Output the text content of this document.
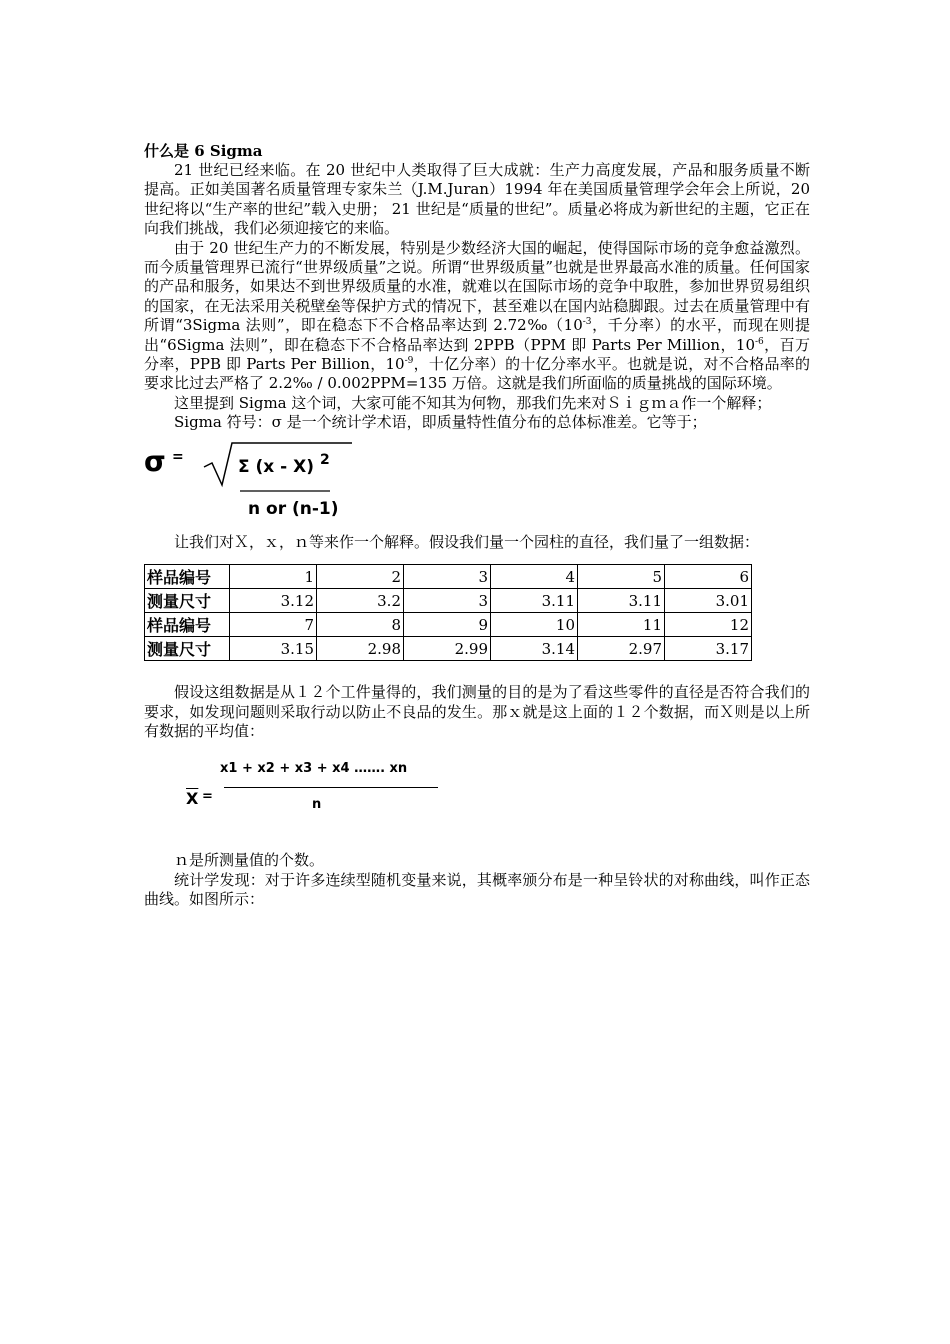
什么是 6 Sigma

21 世纪已经来临。在 20 世纪中人类取得了巨大成就：生产力高度发展，产品和服务质量不断提高。正如美国著名质量管理专家朱兰（J.M.Juran）1994 年在美国质量管理学会年会上所说，20 世纪将以“生产率的世纪”载入史册； 21 世纪是“质量的世纪”。质量必将成为新世纪的主题，它正在向我们挑战，我们必须迎接它的来临。

由于 20 世纪生产力的不断发展，特别是少数经济大国的崛起，使得国际市场的竞争愈益激烈。而今质量管理界已流行“世界级质量”之说。所谓“世界级质量”也就是世界最高水准的质量。任何国家的产品和服务，如果达不到世界级质量的水准，就难以在国际市场的竞争中取胜，参加世界贸易组织的国家，在无法采用关税壁垒等保护方式的情况下，甚至难以在国内站稳脚跟。过去在质量管理中有所谓“3Sigma 法则”，即在稳态下不合格品率达到 $2.72‰(10^{-3}$，千分率）的水平，而现在则提出“6Sigma 法则”，即在稳态下不合格品率达到 2PPB（PPM 即 Parts Per Million，$10^{-6}$，百万分率，PPB 即 Parts Per Billion，$10^{-9}$，十亿分率）的十亿分率水平。也就是说，对不合格品率的要求比过去严格了 2.2‰ / 0.002PPM=135 万倍。这就是我们所面临的质量挑战的国际环境。

这里提到 Sigma 这个词，大家可能不知其为何物，那我们先来对Ｓｉｇｍａ作一个解释；

Sigma 符号：σ 是一个统计学术语，即质量特性值分布的总体标准差。它等于；

σ =	Σ (x - X) $^2$
n or (n-1)

让我们对Ｘ，ｘ，ｎ等来作一个解释。假设我们量一个园柱的直径，我们量了一组数据：

样品编号	1	2	3	4	5	6
测量尺寸	3.12	3.2	3	3.11	3.11	3.01
样品编号	7	8	9	10	11	12
测量尺寸	3.15	2.98	2.99	3.14	2.97	3.17

假设这组数据是从１２个工件量得的，我们测量的目的是为了看这些零件的直径是否符合我们的要求，如发现问题则采取行动以防止不良品的发生。那ｘ就是这上面的１２个数据，而Ｘ则是以上所有数据的平均值：

$\overline{X}$ =
x1 + x2 + x3 + x4 ……. xn
n

ｎ是所测量值的个数。

统计学发现：对于许多连续型随机变量来说，其概率颁分布是一种呈铃状的对称曲线，叫作正态曲线。如图所示：
